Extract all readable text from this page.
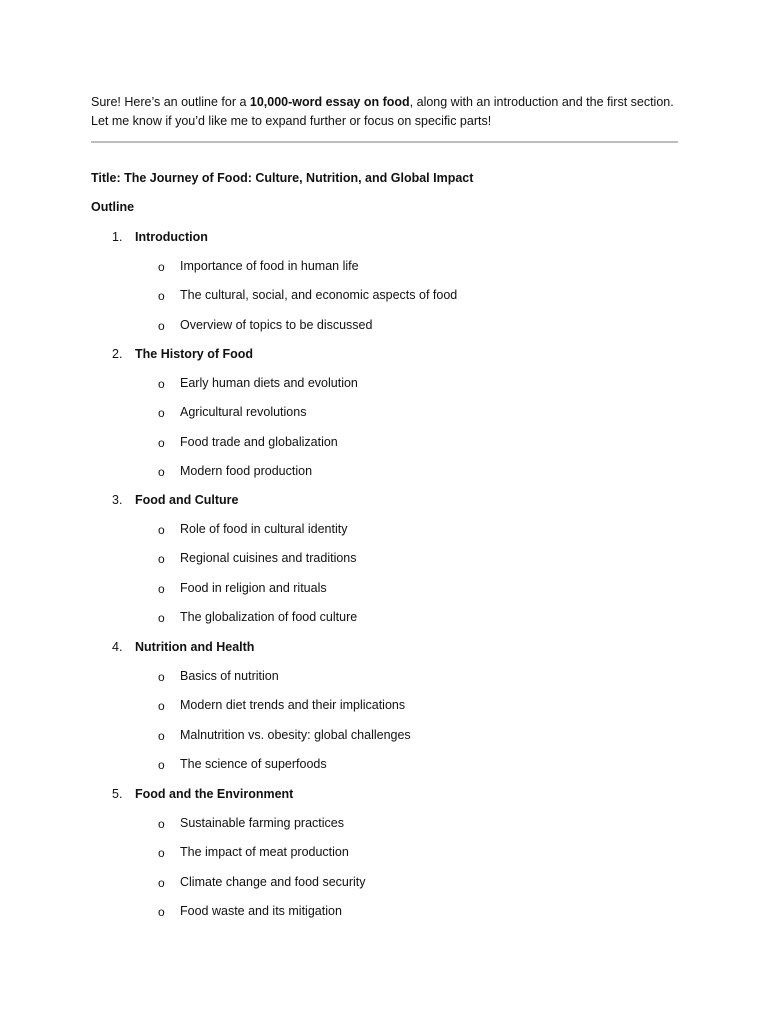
Sure! Here’s an outline for a 10,000-word essay on food, along with an introduction and the first section.
Let me know if you’d like me to expand further or focus on specific parts!
Title: The Journey of Food: Culture, Nutrition, and Global Impact
Outline
1. Introduction
o Importance of food in human life
o The cultural, social, and economic aspects of food
o Overview of topics to be discussed
2. The History of Food
o Early human diets and evolution
o Agricultural revolutions
o Food trade and globalization
o Modern food production
3. Food and Culture
o Role of food in cultural identity
o Regional cuisines and traditions
o Food in religion and rituals
o The globalization of food culture
4. Nutrition and Health
o Basics of nutrition
o Modern diet trends and their implications
o Malnutrition vs. obesity: global challenges
o The science of superfoods
5. Food and the Environment
o Sustainable farming practices
o The impact of meat production
o Climate change and food security
o Food waste and its mitigation
